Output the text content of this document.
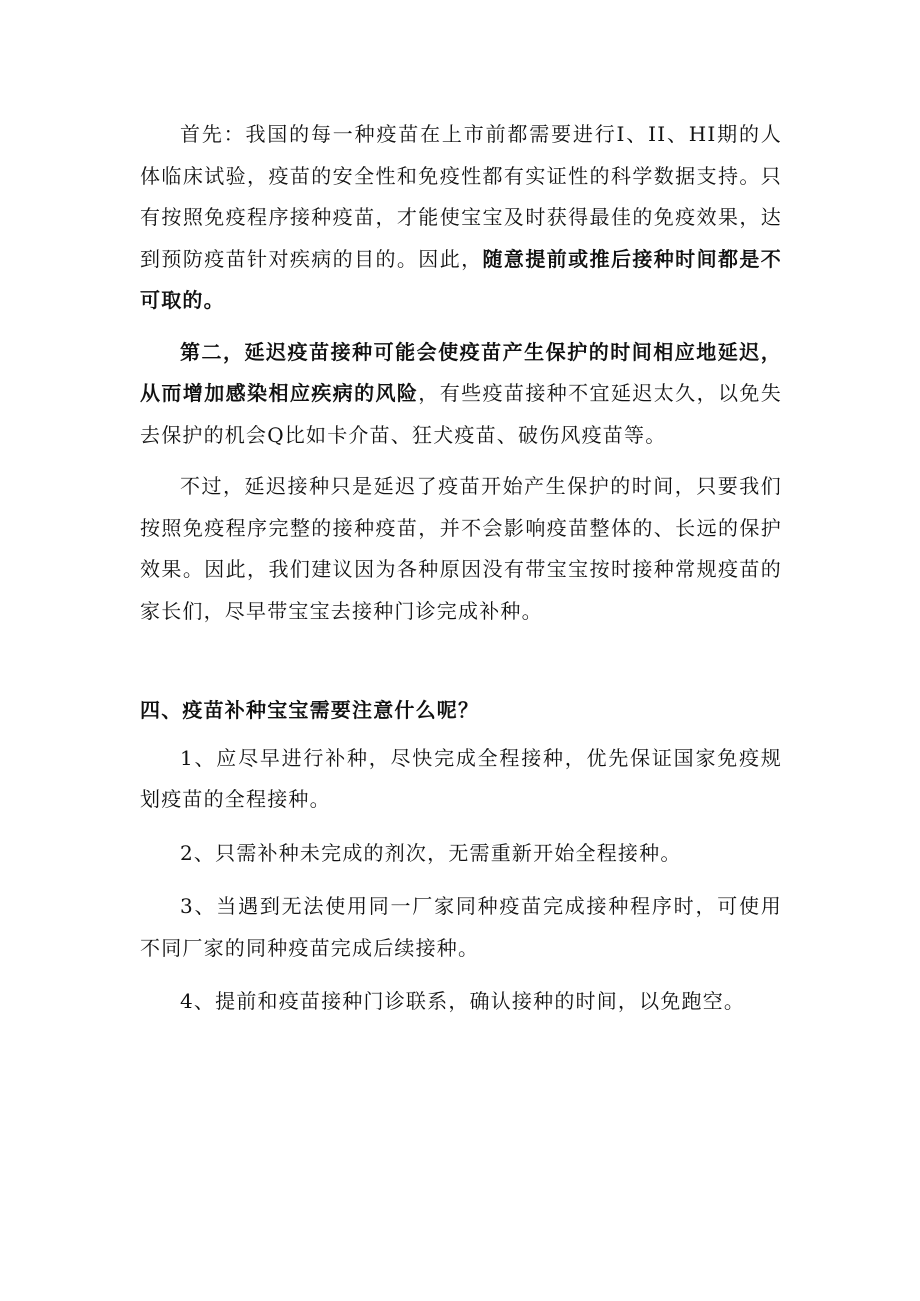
首先：我国的每一种疫苗在上市前都需要进行I、II、HI期的人体临床试验，疫苗的安全性和免疫性都有实证性的科学数据支持。只有按照免疫程序接种疫苗，才能使宝宝及时获得最佳的免疫效果，达到预防疫苗针对疾病的目的。因此，随意提前或推后接种时间都是不可取的。

第二，延迟疫苗接种可能会使疫苗产生保护的时间相应地延迟，从而增加感染相应疾病的风险，有些疫苗接种不宜延迟太久，以免失去保护的机会Q比如卡介苗、狂犬疫苗、破伤风疫苗等。

不过，延迟接种只是延迟了疫苗开始产生保护的时间，只要我们按照免疫程序完整的接种疫苗，并不会影响疫苗整体的、长远的保护效果。因此，我们建议因为各种原因没有带宝宝按时接种常规疫苗的家长们，尽早带宝宝去接种门诊完成补种。

四、疫苗补种宝宝需要注意什么呢？

1、应尽早进行补种，尽快完成全程接种，优先保证国家免疫规划疫苗的全程接种。

2、只需补种未完成的剂次，无需重新开始全程接种。

3、当遇到无法使用同一厂家同种疫苗完成接种程序时，可使用不同厂家的同种疫苗完成后续接种。

4、提前和疫苗接种门诊联系，确认接种的时间，以免跑空。
